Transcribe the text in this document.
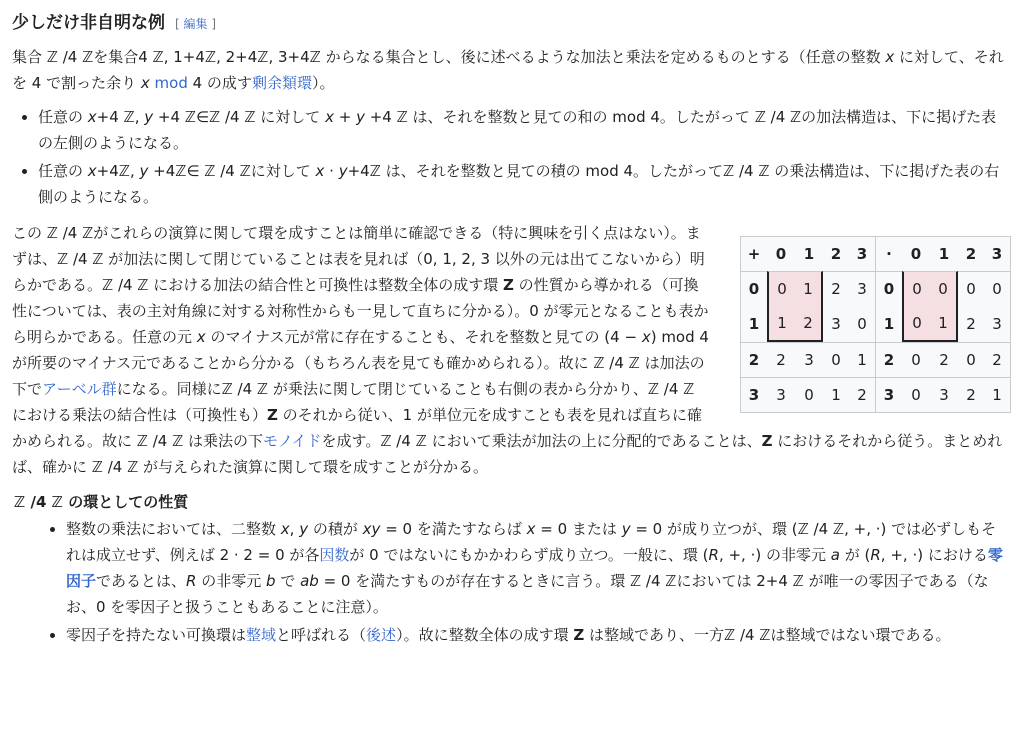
少しだけ非自明な例 [ 編集 ]

集合 ℤ /4 ℤを集合4 ℤ, 1+4ℤ, 2+4ℤ, 3+4ℤ からなる集合とし、後に述べるような加法と乗法を定めるものとする（任意の整数 x に対して、それを 4 で割った余り x mod 4 の成す剰余類環）。

• 任意の x+4 ℤ, y +4 ℤ∈ℤ /4 ℤ に対して x + y +4 ℤ は、それを整数と見ての和の mod 4。したがって ℤ /4 ℤの加法構造は、下に掲げた表の左側のようになる。
• 任意の x+4ℤ, y +4ℤ∈ ℤ /4 ℤに対して x · y+4ℤ は、それを整数と見ての積の mod 4。したがってℤ /4 ℤ の乗法構造は、下に掲げた表の右側のようになる。
+	0	1	2	3	·	0	1	2	3
0	0	1	2	3	0	0	0	0	0
1	1	2	3	0	1	0	1	2	3
2	2	3	0	1	2	0	2	0	2
3	3	0	1	2	3	0	3	2	1

この ℤ /4 ℤがこれらの演算に関して環を成すことは簡単に確認できる（特に興味を引く点はない）。まずは、ℤ /4 ℤ が加法に関して閉じていることは表を見れば（0, 1, 2, 3 以外の元は出てこないから）明らかである。ℤ /4 ℤ における加法の結合性と可換性は整数全体の成す環 Z の性質から導かれる（可換性については、表の主対角線に対する対称性からも一見して直ちに分かる）。0 が零元となることも表から明らかである。任意の元 x のマイナス元が常に存在することも、それを整数と見ての (4 − x) mod 4 が所要のマイナス元であることから分かる（もちろん表を見ても確かめられる）。故に ℤ /4 ℤ は加法の下でアーベル群になる。同様にℤ /4 ℤ が乗法に関して閉じていることも右側の表から分かり、ℤ /4 ℤ における乗法の結合性は（可換性も）Z のそれから従い、1 が単位元を成すことも表を見れば直ちに確かめられる。故に ℤ /4 ℤ は乗法の下モノイドを成す。ℤ /4 ℤ において乗法が加法の上に分配的であることは、Z におけるそれから従う。まとめれば、確かに ℤ /4 ℤ が与えられた演算に関して環を成すことが分かる。

ℤ /4 ℤ の環としての性質
• 整数の乗法においては、二整数 x, y の積が xy = 0 を満たすならば x = 0 または y = 0 が成り立つが、環 (ℤ /4 ℤ, +, ·) では必ずしもそれは成立せず、例えば 2 · 2 = 0 が各因数が 0 ではないにもかかわらず成り立つ。一般に、環 (R, +, ·) の非零元 a が (R, +, ·) における零因子であるとは、R の非零元 b で ab = 0 を満たすものが存在するときに言う。環 ℤ /4 ℤにおいては 2+4 ℤ が唯一の零因子である（なお、0 を零因子と扱うこともあることに注意）。
• 零因子を持たない可換環は整域と呼ばれる（後述）。故に整数全体の成す環 Z は整域であり、一方ℤ /4 ℤは整域ではない環である。
